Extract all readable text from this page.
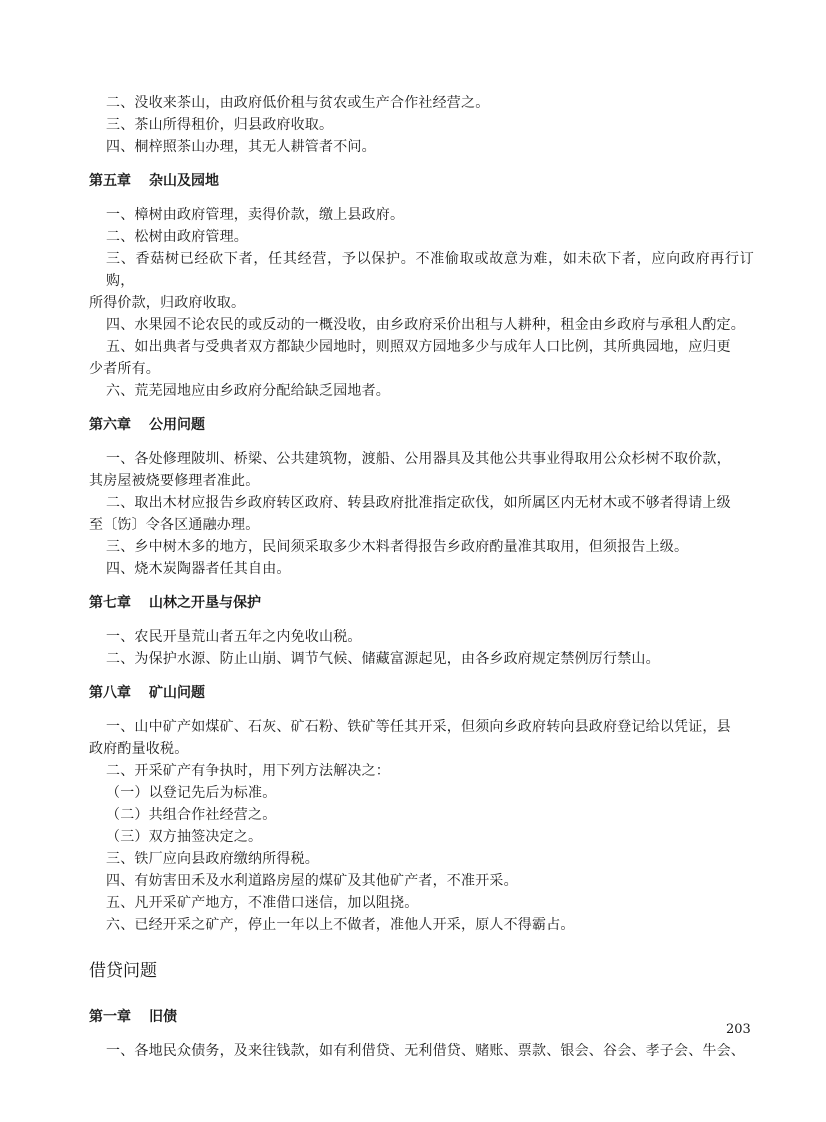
二、没收来茶山，由政府低价租与贫农或生产合作社经营之。

三、茶山所得租价，归县政府收取。

四、桐梓照茶山办理，其无人耕管者不问。

第五章 杂山及园地

一、樟树由政府管理，卖得价款，缴上县政府。

二、松树由政府管理。

三、香菇树已经砍下者，任其经营，予以保护。不准偷取或故意为难，如未砍下者，应向政府再行订购，

所得价款，归政府收取。

四、水果园不论农民的或反动的一概没收，由乡政府采价出租与人耕种，租金由乡政府与承租人酌定。

五、如出典者与受典者双方都缺少园地时，则照双方园地多少与成年人口比例，其所典园地，应归更

少者所有。

六、荒芜园地应由乡政府分配给缺乏园地者。

第六章 公用问题

一、各处修理陂圳、桥梁、公共建筑物，渡船、公用器具及其他公共事业得取用公众杉树不取价款，

其房屋被烧要修理者准此。

二、取出木材应报告乡政府转区政府、转县政府批准指定砍伐，如所属区内无材木或不够者得请上级

至〔饬〕令各区通融办理。

三、乡中树木多的地方，民间须采取多少木料者得报告乡政府酌量准其取用，但须报告上级。

四、烧木炭陶器者任其自由。

第七章 山林之开垦与保护

一、农民开垦荒山者五年之内免收山税。

二、为保护水源、防止山崩、调节气候、储藏富源起见，由各乡政府规定禁例厉行禁山。

第八章 矿山问题

一、山中矿产如煤矿、石灰、矿石粉、铁矿等任其开采，但须向乡政府转向县政府登记给以凭证，县

政府酌量收税。

二、开采矿产有争执时，用下列方法解决之：

（一）以登记先后为标准。

（二）共组合作社经营之。

（三）双方抽签决定之。

三、铁厂应向县政府缴纳所得税。

四、有妨害田禾及水利道路房屋的煤矿及其他矿产者，不准开采。

五、凡开采矿产地方，不准借口迷信，加以阻挠。

六、已经开采之矿产，停止一年以上不做者，准他人开采，原人不得霸占。

借贷问题
第一章 旧债

一、各地民众债务，及来往钱款，如有利借贷、无利借贷、赌账、票款、银会、谷会、孝子会、牛会、

203
